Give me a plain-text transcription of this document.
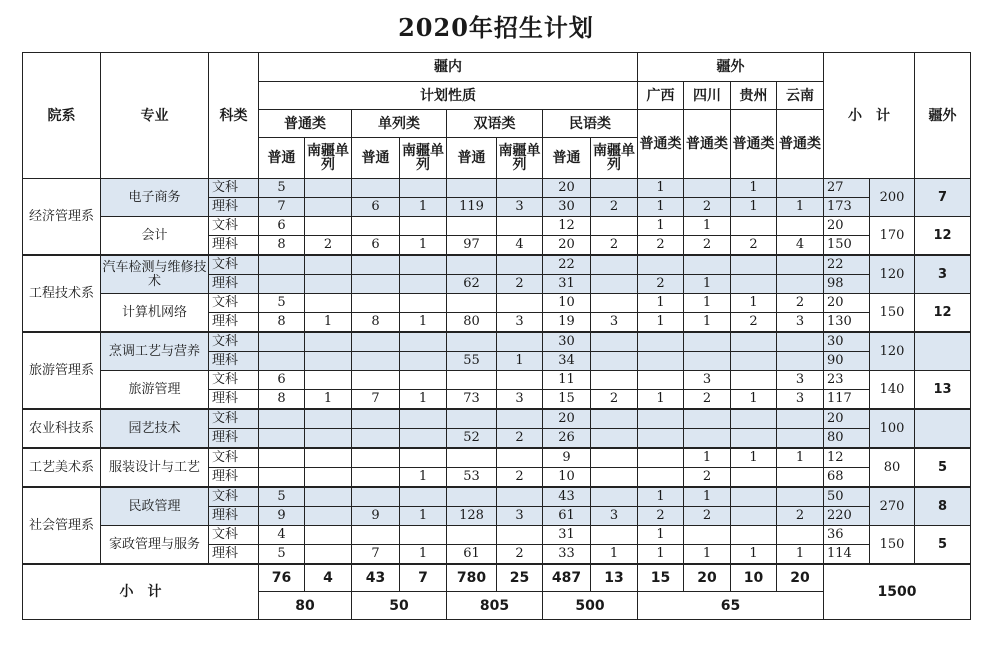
2020年招生计划
院系	专业	科类	疆内								疆外				小　计		疆外
			计划性质								广西	四川	贵州	云南			
			普通类		单列类		双语类		民语类		普通类	普通类	普通类	普通类			
			普通	南疆单列	普通	南疆单列	普通	南疆单列	普通	南疆单列							
经济管理系	电子商务	文科	5						20		1		1		27	200	7
		理科	7		6	1	119	3	30	2	1	2	1	1	173		
	会计	文科	6						12		1	1			20	170	12
		理科	8	2	6	1	97	4	20	2	2	2	2	4	150		
工程技术系	汽车检测与维修技术	文科							22						22	120	3
		理科					62	2	31		2	1			98		
	计算机网络	文科	5						10		1	1	1	2	20	150	12
		理科	8	1	8	1	80	3	19	3	1	1	2	3	130		
旅游管理系	烹调工艺与营养	文科							30						30	120	
		理科					55	1	34						90		
	旅游管理	文科	6						11			3		3	23	140	13
		理科	8	1	7	1	73	3	15	2	1	2	1	3	117		
农业科技系	园艺技术	文科							20						20	100	
		理科					52	2	26						80		
工艺美术系	服装设计与工艺	文科							9			1	1	1	12	80	5
		理科				1	53	2	10			2			68		
社会管理系	民政管理	文科	5						43		1	1			50	270	8
		理科	9		9	1	128	3	61	3	2	2		2	220		
	家政管理与服务	文科	4						31		1				36	150	5
		理科	5		7	1	61	2	33	1	1	1	1	1	114		
小　计			76	4	43	7	780	25	487	13	15	20	10	20	1500		
			80		50		805		500		65						
